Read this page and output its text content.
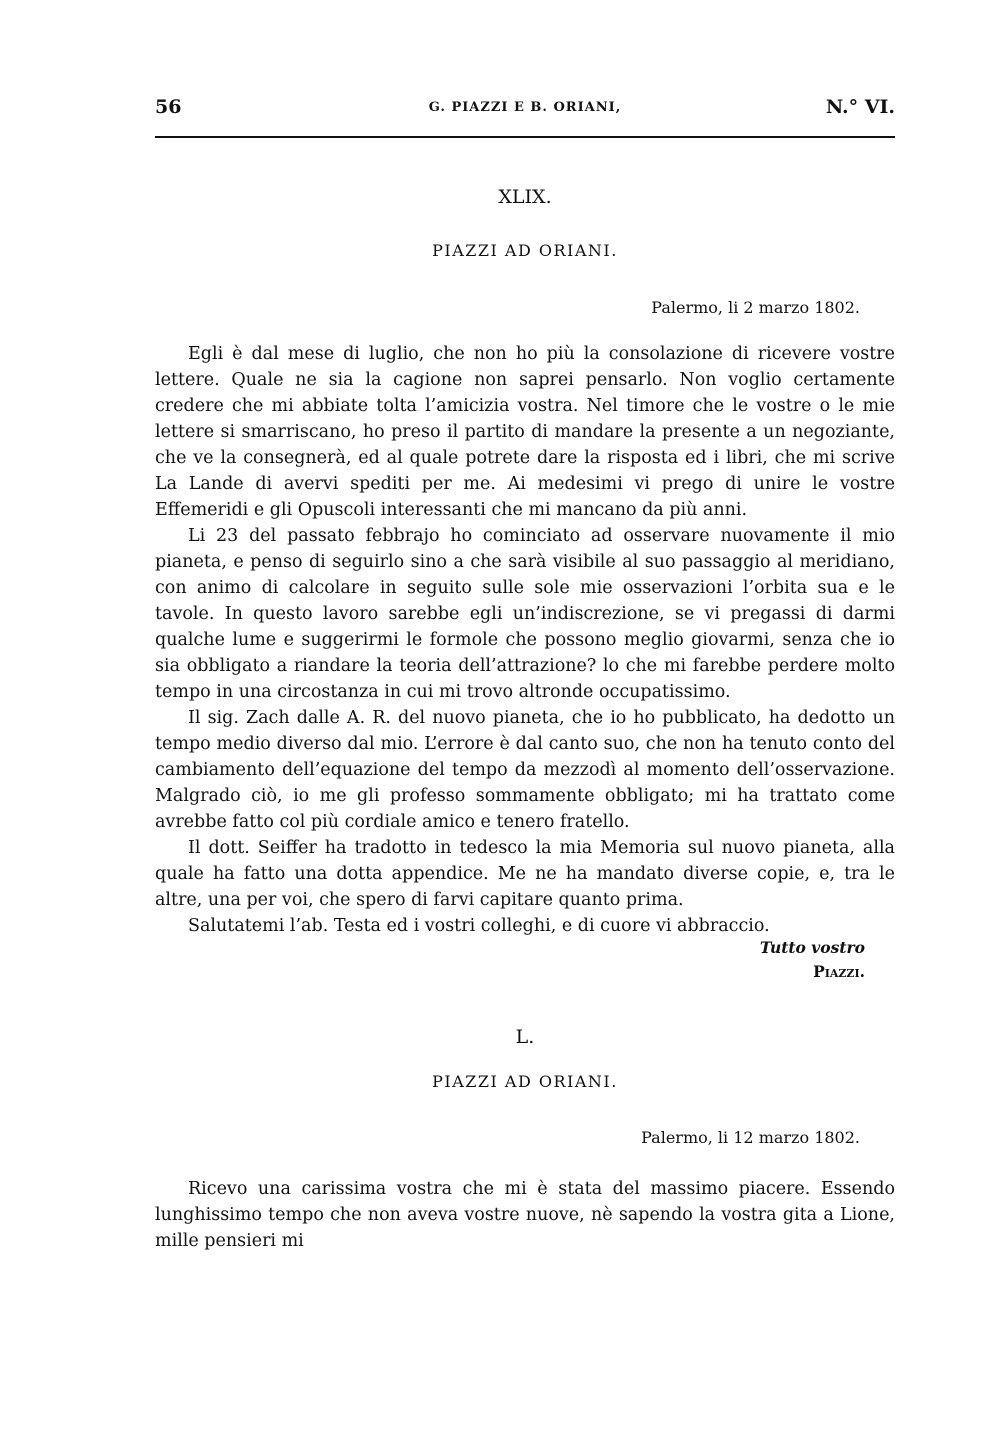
56	G. PIAZZI E B. ORIANI,	N.° VI.
XLIX.
PIAZZI AD ORIANI.
Palermo, li 2 marzo 1802.

Egli è dal mese di luglio, che non ho più la consolazione di ricevere vostre lettere. Quale ne sia la cagione non saprei pensarlo. Non voglio certamente credere che mi abbiate tolta l’amicizia vostra. Nel timore che le vostre o le mie lettere si smarriscano, ho preso il partito di mandare la presente a un negoziante, che ve la consegnerà, ed al quale potrete dare la risposta ed i libri, che mi scrive La Lande di avervi spediti per me. Ai medesimi vi prego di unire le vostre Effemeridi e gli Opuscoli interessanti che mi mancano da più anni.

Li 23 del passato febbrajo ho cominciato ad osservare nuovamente il mio pianeta, e penso di seguirlo sino a che sarà visibile al suo passaggio al meridiano, con animo di calcolare in seguito sulle sole mie osservazioni l’orbita sua e le tavole. In questo lavoro sarebbe egli un’indiscrezione, se vi pregassi di darmi qualche lume e suggerirmi le formole che possono meglio giovarmi, senza che io sia obbligato a riandare la teoria dell’attrazione? lo che mi farebbe perdere molto tempo in una circostanza in cui mi trovo altronde occupatissimo.

Il sig. Zach dalle A. R. del nuovo pianeta, che io ho pubblicato, ha dedotto un tempo medio diverso dal mio. L’errore è dal canto suo, che non ha tenuto conto del cambiamento dell’equazione del tempo da mezzodì al momento dell’osservazione. Malgrado ciò, io me gli professo sommamente obbligato; mi ha trattato come avrebbe fatto col più cordiale amico e tenero fratello.

Il dott. Seiffer ha tradotto in tedesco la mia Memoria sul nuovo pianeta, alla quale ha fatto una dotta appendice. Me ne ha mandato diverse copie, e, tra le altre, una per voi, che spero di farvi capitare quanto prima.

Salutatemi l’ab. Testa ed i vostri colleghi, e di cuore vi abbraccio.

Tutto vostro
Piazzi.
L.
PIAZZI AD ORIANI.
Palermo, li 12 marzo 1802.

Ricevo una carissima vostra che mi è stata del massimo piacere. Essendo lunghissimo tempo che non aveva vostre nuove, nè sapendo la vostra gita a Lione, mille pensieri mi
